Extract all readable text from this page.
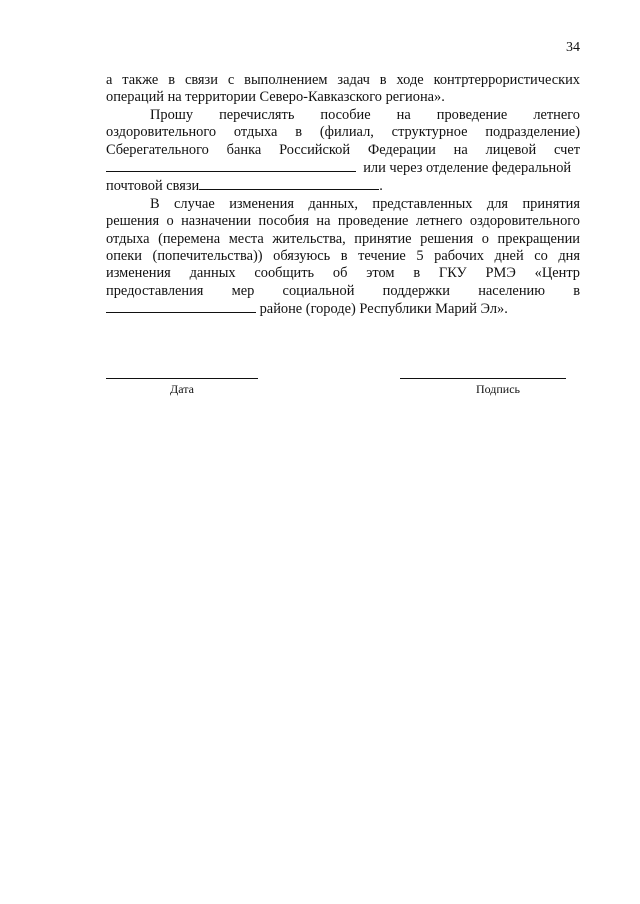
34
а также в связи с выполнением задач в ходе контртеррористических
операций на территории Северо-Кавказского региона».
Прошу перечислять пособие на проведение летнего
оздоровительного отдыха в (филиал, структурное подразделение)
Сберегательного банка Российской Федерации на лицевой счет
или через отделение федеральной
почтовой связи	.
В случае изменения данных, представленных для принятия
решения о назначении пособия на проведение летнего оздоровительного
отдыха (перемена места жительства, принятие решения о прекращении
опеки (попечительства)) обязуюсь в течение 5 рабочих дней со дня
изменения данных сообщить об этом в ГКУ РМЭ «Центр
предоставления мер социальной поддержки населению в
районе (городе) Республики Марий Эл».
Дата	Подпись
